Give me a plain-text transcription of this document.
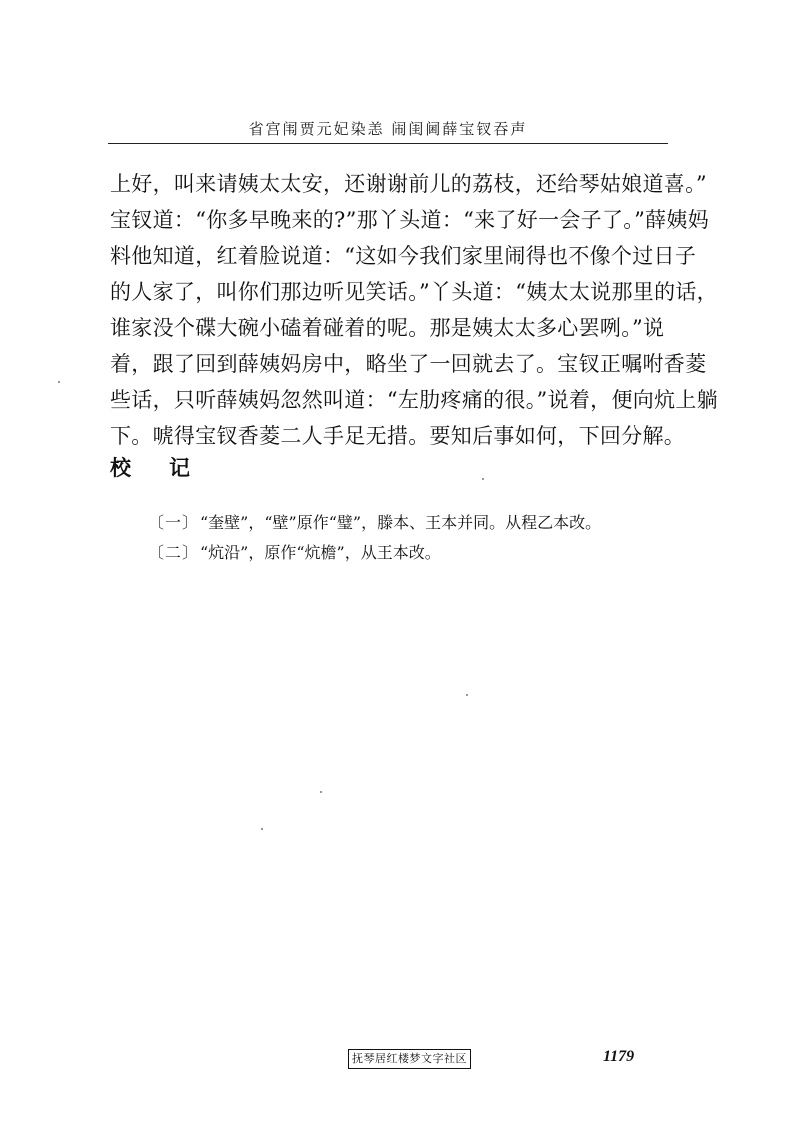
省宫闱贾元妃染恙 闹闺阃薛宝钗吞声
上好，叫来请姨太太安，还谢谢前儿的荔枝，还给琴姑娘道喜。”
宝钗道：“你多早晚来的?”那丫头道：“来了好一会子了。”薛姨妈
料他知道，红着脸说道：“这如今我们家里闹得也不像个过日子
的人家了，叫你们那边听见笑话。”丫头道：“姨太太说那里的话，
谁家没个碟大碗小磕着碰着的呢。那是姨太太多心罢咧。”说
着，跟了回到薛姨妈房中，略坐了一回就去了。宝钗正嘱咐香菱
些话，只听薛姨妈忽然叫道：“左肋疼痛的很。”说着，便向炕上躺
下。唬得宝钗香菱二人手足无措。要知后事如何，下回分解。
校 记
〔一〕 “奎壁”，“壁”原作“璧”，滕本、王本并同。从程乙本改。
〔二〕 “炕沿”，原作“炕檐”，从王本改。
抚琴居红楼梦文字社区	1179
